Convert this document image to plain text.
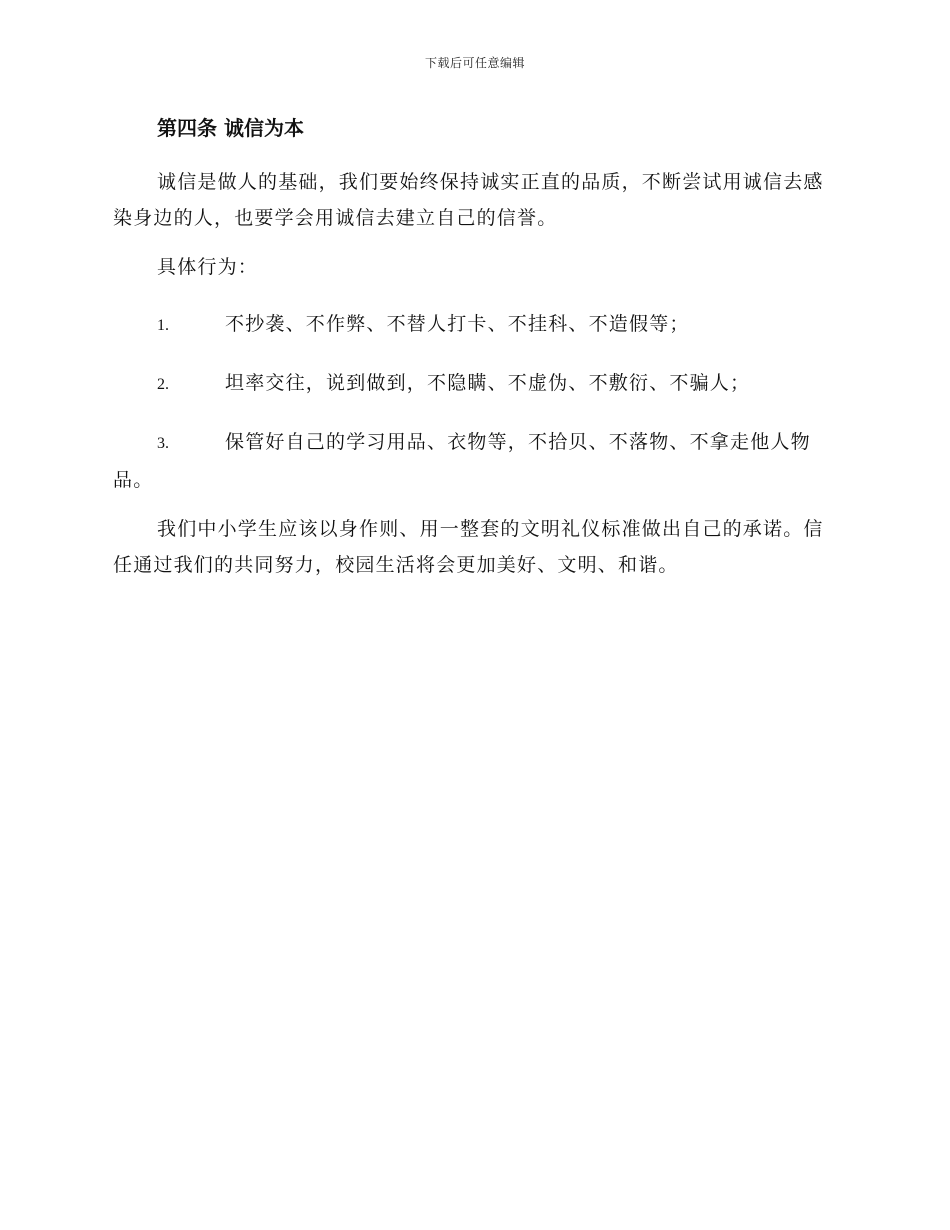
下载后可任意编辑
第四条 诚信为本

诚信是做人的基础，我们要始终保持诚实正直的品质，不断尝试用诚信去感染身边的人，也要学会用诚信去建立自己的信誉。

具体行为：
1.	不抄袭、不作弊、不替人打卡、不挂科、不造假等；
2.	坦率交往，说到做到，不隐瞒、不虚伪、不敷衍、不骗人；
3.	保管好自己的学习用品、衣物等，不拾贝、不落物、不拿走他人物品。

我们中小学生应该以身作则、用一整套的文明礼仪标准做出自己的承诺。信任通过我们的共同努力，校园生活将会更加美好、文明、和谐。
